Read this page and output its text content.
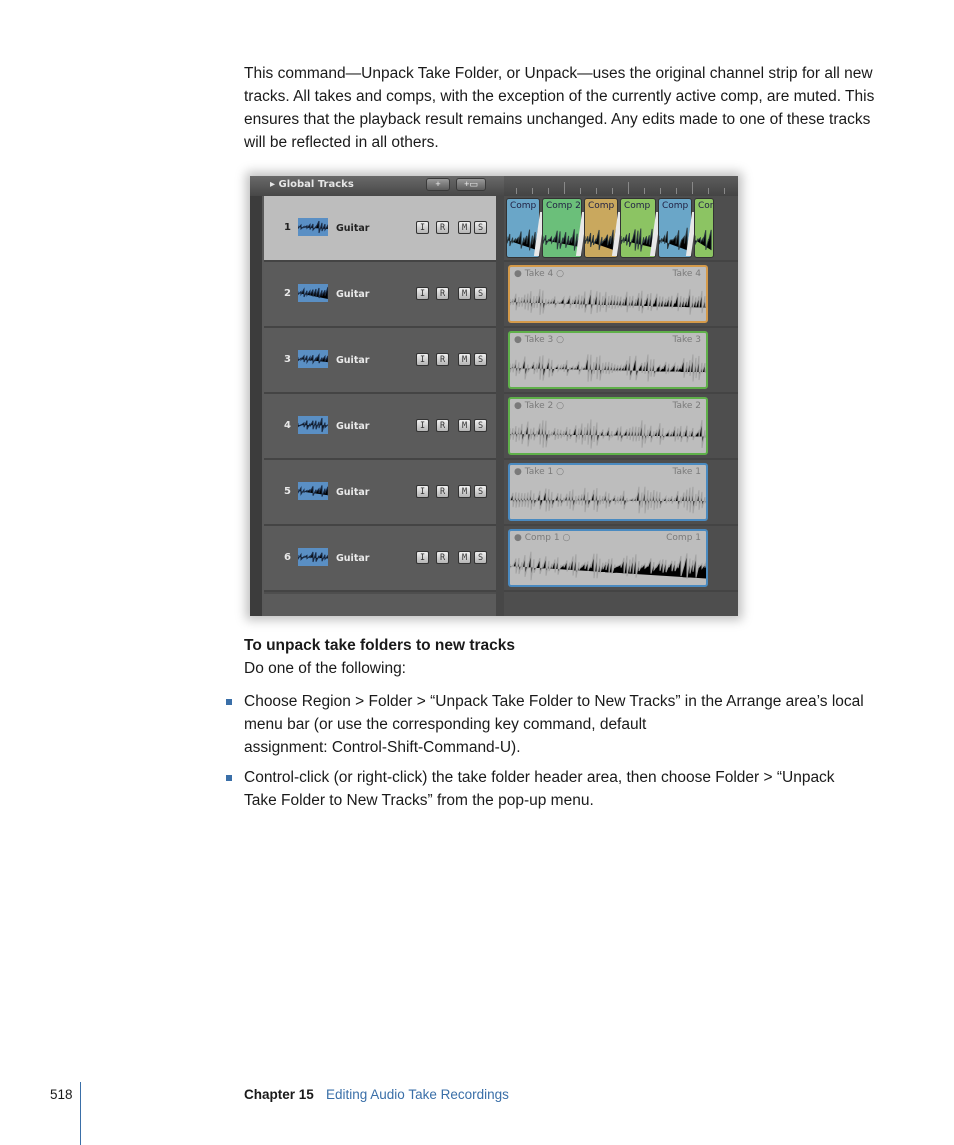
This command—Unpack Take Folder, or Unpack—uses the original channel strip for all new tracks. All takes and comps, with the exception of the currently active comp, are muted. This ensures that the playback result remains unchanged. Any edits made to one of these tracks will be reflected in all others.

▸ Global Tracks	+	+▭
1	Guitar	I	R	M	S
2	Guitar	I	R	M	S
3	Guitar	I	R	M	S
4	Guitar	I	R	M	S
5	Guitar	I	R	M	S
6	Guitar	I	R	M	S
Comp Comp 2 Comp Comp Comp Cor
● Take 4 ○	Take 4
● Take 3 ○	Take 3
● Take 2 ○	Take 2
● Take 1 ○	Take 1
● Comp 1 ○	Comp 1

To unpack take folders to new tracks

Do one of the following:

Choose Region > Folder > “Unpack Take Folder to New Tracks” in the Arrange area’s local
menu bar (or use the corresponding key command, default
assignment: Control-Shift-Command-U).
Control-click (or right-click) the take folder header area, then choose Folder > “Unpack
Take Folder to New Tracks” from the pop-up menu.
518	Chapter 15 Editing Audio Take Recordings
